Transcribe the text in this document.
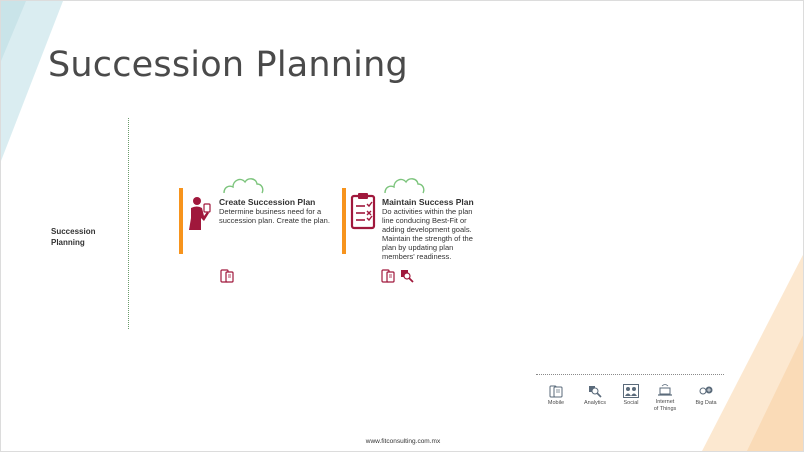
Succession Planning
Succession
Planning
Create Succession Plan
Determine business need for a succession plan. Create the plan.
Maintain Success Plan
Do activities within the plan line conducing Best-Fit or adding development goals. Maintain the strength of the plan by updating plan members' readiness.
Mobile	Analytics	Social	Internet
of Things
Big Data
www.fitconsulting.com.mx
